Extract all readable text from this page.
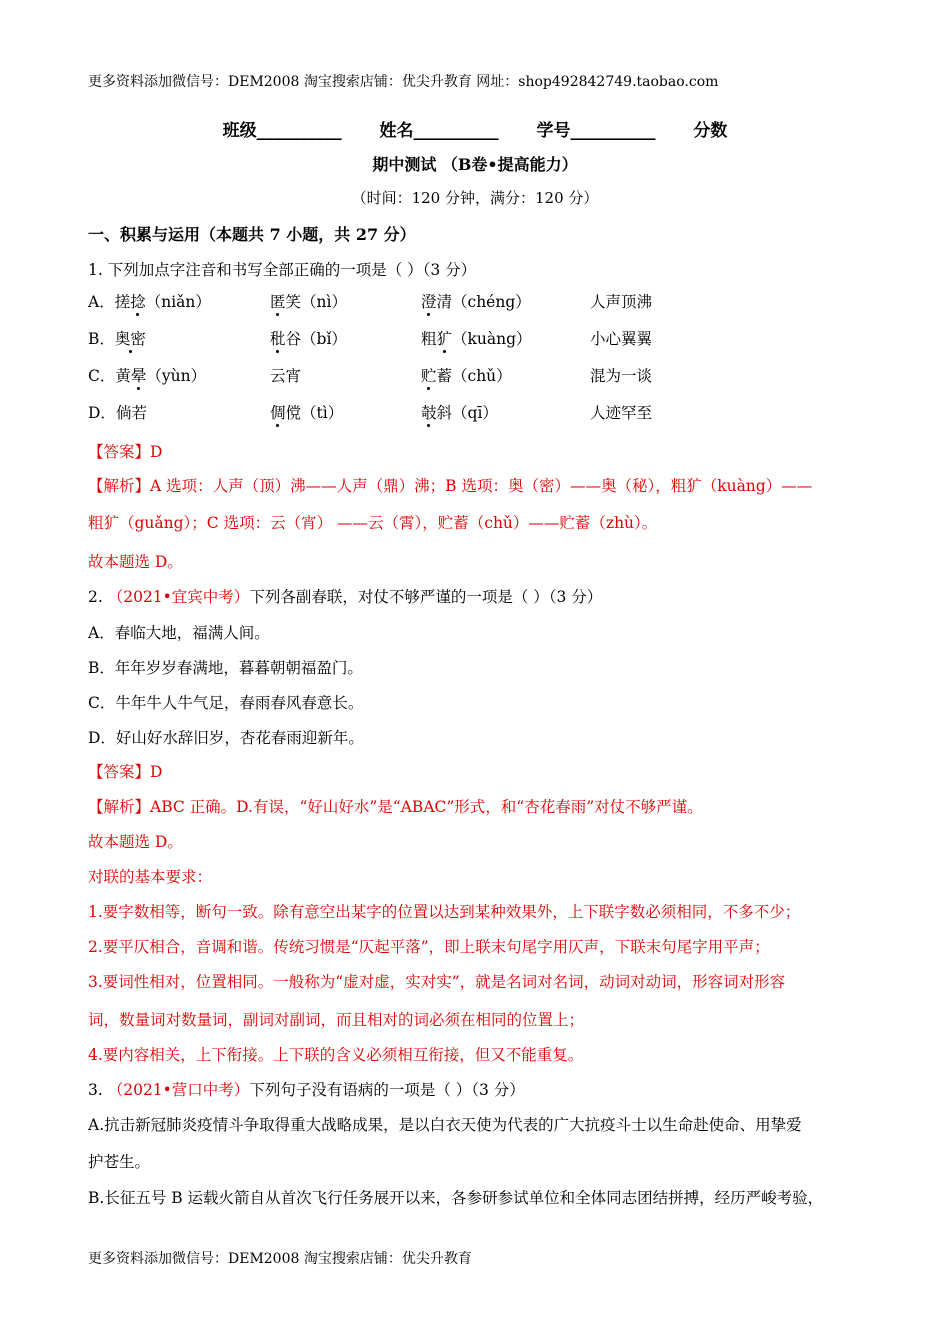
更多资料添加微信号：DEM2008 淘宝搜索店铺：优尖升教育 网址：shop492842749.taobao.com
班级__________ 姓名__________ 学号__________ 分数
期中测试 （B卷•提高能力）
（时间：120 分钟，满分：120 分）
一、积累与运用（本题共 7 小题，共 27 分）
1. 下列加点字注音和书写全部正确的一项是（ ）（3 分）
A．搓捻（niǎn）	匿笑（nì）	澄清（chéng）	人声顶沸
B．奥密	秕谷（bǐ）	粗犷（kuàng）	小心翼翼
C．黄晕（yùn）	云宵	贮蓄（chǔ）	混为一谈
D．倘若	倜傥（tì）	攲斜（qī）	人迹罕至
【答案】D
【解析】A 选项：人声（顶）沸——人声（鼎）沸；B 选项：奥（密）——奥（秘），粗犷（kuàng）——
粗犷（guǎng）；C 选项：云（宵） ——云（霄），贮蓄（chǔ）——贮蓄（zhù）。
故本题选 D。
2. （2021•宜宾中考）下列各副春联，对仗不够严谨的一项是（ ）（3 分）
A．春临大地，福满人间。
B．年年岁岁春满地，暮暮朝朝福盈门。
C．牛年牛人牛气足，春雨春风春意长。
D．好山好水辞旧岁，杏花春雨迎新年。
【答案】D
【解析】ABC 正确。D.有误，“好山好水”是“ABAC”形式，和“杏花春雨”对仗不够严谨。
故本题选 D。
对联的基本要求：
1.要字数相等，断句一致。除有意空出某字的位置以达到某种效果外，上下联字数必须相同，不多不少；
2.要平仄相合，音调和谐。传统习惯是“仄起平落”，即上联末句尾字用仄声，下联末句尾字用平声；
3.要词性相对，位置相同。一般称为“虚对虚，实对实”，就是名词对名词，动词对动词，形容词对形容
词，数量词对数量词，副词对副词，而且相对的词必须在相同的位置上；
4.要内容相关，上下衔接。上下联的含义必须相互衔接，但又不能重复。
3. （2021•营口中考）下列句子没有语病的一项是（ ）（3 分）
A.抗击新冠肺炎疫情斗争取得重大战略成果，是以白衣天使为代表的广大抗疫斗士以生命赴使命、用挚爱
护苍生。
B.长征五号 B 运载火箭自从首次飞行任务展开以来，各参研参试单位和全体同志团结拼搏，经历严峻考验，
更多资料添加微信号：DEM2008 淘宝搜索店铺：优尖升教育
